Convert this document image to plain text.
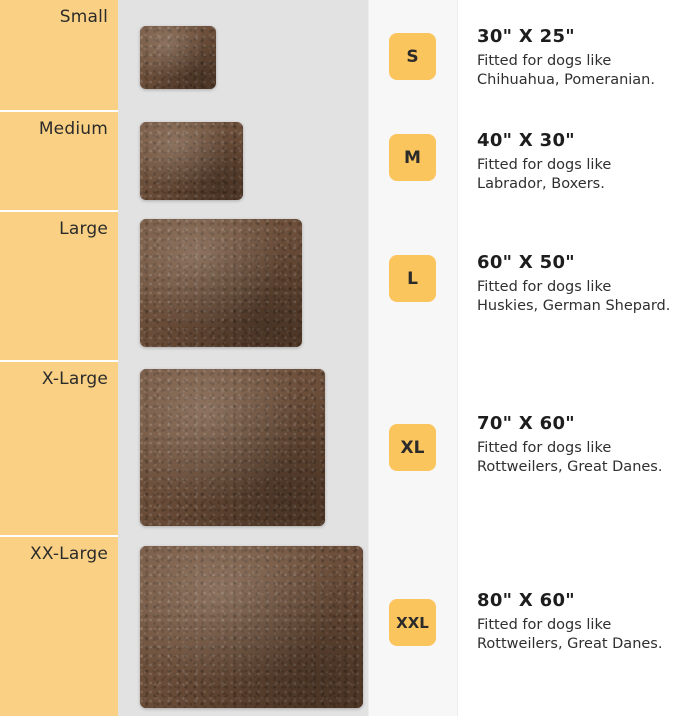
Small
Medium
Large
X-Large
XX-Large
S
M
L
XL
XXL
30" X 25"
Fitted for dogs like
Chihuahua, Pomeranian.
40" X 30"
Fitted for dogs like
Labrador, Boxers.
60" X 50"
Fitted for dogs like
Huskies, German Shepard.
70" X 60"
Fitted for dogs like
Rottweilers, Great Danes.
80" X 60"
Fitted for dogs like
Rottweilers, Great Danes.
